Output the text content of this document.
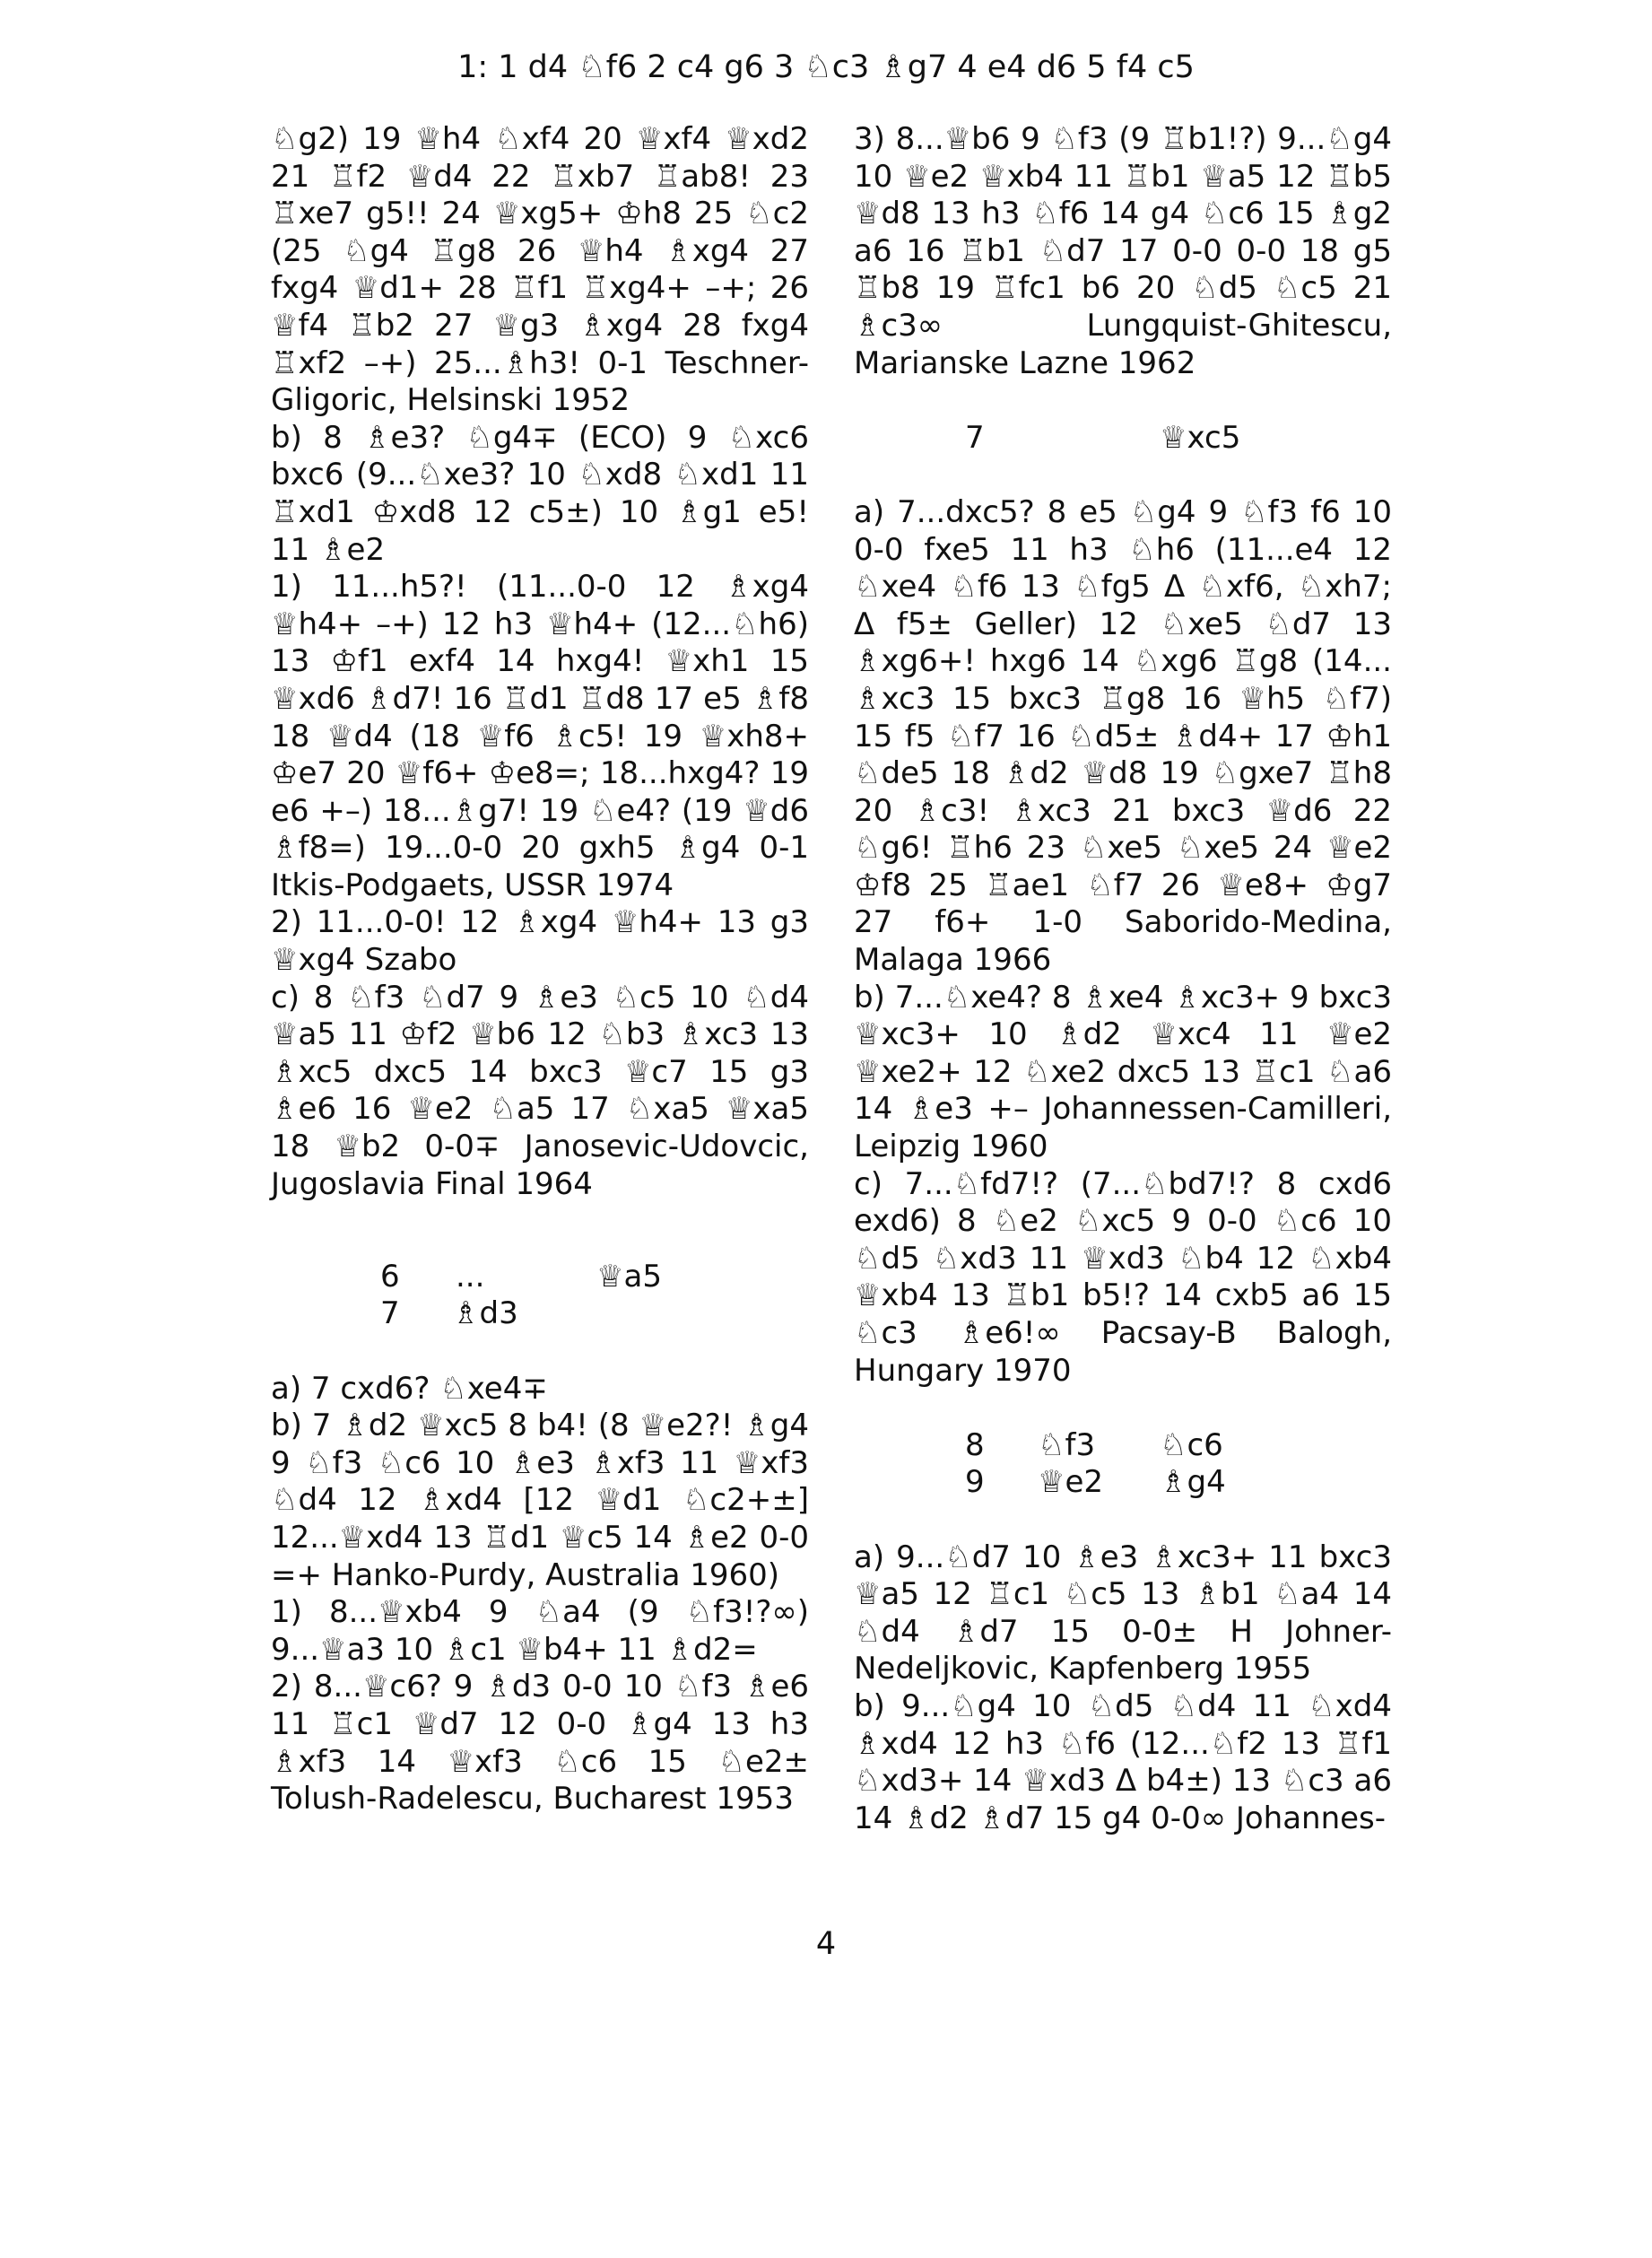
1: 1 d4 ♘f6 2 c4 g6 3 ♘c3 ♗g7 4 e4 d6 5 f4 c5

♘g2) 19 ♕h4 ♘xf4 20 ♕xf4 ♕xd2 21 ♖f2 ♕d4 22 ♖xb7 ♖ab8! 23 ♖xe7 g5!! 24 ♕xg5+ ♔h8 25 ♘c2 (25 ♘g4 ♖g8 26 ♕h4 ♗xg4 27 fxg4 ♕d1+ 28 ♖f1 ♖xg4+ –+; 26 ♕f4 ♖b2 27 ♕g3 ♗xg4 28 fxg4 ♖xf2 –+) 25...♗h3! 0-1 Teschner-Gligoric, Helsinski 1952

b) 8 ♗e3? ♘g4∓ (ECO) 9 ♘xc6 bxc6 (9...♘xe3? 10 ♘xd8 ♘xd1 11 ♖xd1 ♔xd8 12 c5±) 10 ♗g1 e5! 11 ♗e2

1) 11...h5?! (11...0-0 12 ♗xg4 ♕h4+ –+) 12 h3 ♕h4+ (12...♘h6) 13 ♔f1 exf4 14 hxg4! ♕xh1 15 ♕xd6 ♗d7! 16 ♖d1 ♖d8 17 e5 ♗f8 18 ♕d4 (18 ♕f6 ♗c5! 19 ♕xh8+ ♔e7 20 ♕f6+ ♔e8=; 18...hxg4? 19 e6 +–) 18...♗g7! 19 ♘e4? (19 ♕d6 ♗f8=) 19...0-0 20 gxh5 ♗g4 0-1 Itkis-Podgaets, USSR 1974

2) 11...0-0! 12 ♗xg4 ♕h4+ 13 g3 ♕xg4 Szabo

c) 8 ♘f3 ♘d7 9 ♗e3 ♘c5 10 ♘d4 ♕a5 11 ♔f2 ♕b6 12 ♘b3 ♗xc3 13 ♗xc5 dxc5 14 bxc3 ♕c7 15 g3 ♗e6 16 ♕e2 ♘a5 17 ♘xa5 ♕xa5 18 ♕b2 0-0∓ Janosevic-Udovcic, Jugoslavia Final 1964

6 ...	♕a5
7 ♗d3

a) 7 cxd6? ♘xe4∓

b) 7 ♗d2 ♕xc5 8 b4! (8 ♕e2?! ♗g4 9 ♘f3 ♘c6 10 ♗e3 ♗xf3 11 ♕xf3 ♘d4 12 ♗xd4 [12 ♕d1 ♘c2+±] 12...♕xd4 13 ♖d1 ♕c5 14 ♗e2 0-0 =+ Hanko-Purdy, Australia 1960)

1) 8...♕xb4 9 ♘a4 (9 ♘f3!?∞) 9...♕a3 10 ♗c1 ♕b4+ 11 ♗d2=

2) 8...♕c6? 9 ♗d3 0-0 10 ♘f3 ♗e6 11 ♖c1 ♕d7 12 0-0 ♗g4 13 h3 ♗xf3 14 ♕xf3 ♘c6 15 ♘e2± Tolush-Radelescu, Bucharest 1953

3) 8...♕b6 9 ♘f3 (9 ♖b1!?) 9...♘g4 10 ♕e2 ♕xb4 11 ♖b1 ♕a5 12 ♖b5 ♕d8 13 h3 ♘f6 14 g4 ♘c6 15 ♗g2 a6 16 ♖b1 ♘d7 17 0-0 0-0 18 g5 ♖b8 19 ♖fc1 b6 20 ♘d5 ♘c5 21 ♗c3∞ Lungquist-Ghitescu, Marianske Lazne 1962

7	♕xc5

a) 7...dxc5? 8 e5 ♘g4 9 ♘f3 f6 10 0-0 fxe5 11 h3 ♘h6 (11...e4 12 ♘xe4 ♘f6 13 ♘fg5 Δ ♘xf6, ♘xh7; Δ f5± Geller) 12 ♘xe5 ♘d7 13 ♗xg6+! hxg6 14 ♘xg6 ♖g8 (14... ♗xc3 15 bxc3 ♖g8 16 ♕h5 ♘f7) 15 f5 ♘f7 16 ♘d5± ♗d4+ 17 ♔h1 ♘de5 18 ♗d2 ♕d8 19 ♘gxe7 ♖h8 20 ♗c3! ♗xc3 21 bxc3 ♕d6 22 ♘g6! ♖h6 23 ♘xe5 ♘xe5 24 ♕e2 ♔f8 25 ♖ae1 ♘f7 26 ♕e8+ ♔g7 27 f6+ 1-0 Saborido-Medina, Malaga 1966

b) 7...♘xe4? 8 ♗xe4 ♗xc3+ 9 bxc3 ♕xc3+ 10 ♗d2 ♕xc4 11 ♕e2 ♕xe2+ 12 ♘xe2 dxc5 13 ♖c1 ♘a6 14 ♗e3 +– Johannessen-Camilleri, Leipzig 1960

c) 7...♘fd7!? (7...♘bd7!? 8 cxd6 exd6) 8 ♘e2 ♘xc5 9 0-0 ♘c6 10 ♘d5 ♘xd3 11 ♕xd3 ♘b4 12 ♘xb4 ♕xb4 13 ♖b1 b5!? 14 cxb5 a6 15 ♘c3 ♗e6!∞ Pacsay-B Balogh, Hungary 1970

8 ♘f3 ♘c6
9 ♕e2 ♗g4

a) 9...♘d7 10 ♗e3 ♗xc3+ 11 bxc3 ♕a5 12 ♖c1 ♘c5 13 ♗b1 ♘a4 14 ♘d4 ♗d7 15 0-0± H Johner-Nedeljkovic, Kapfenberg 1955

b) 9...♘g4 10 ♘d5 ♘d4 11 ♘xd4 ♗xd4 12 h3 ♘f6 (12...♘f2 13 ♖f1 ♘xd3+ 14 ♕xd3 Δ b4±) 13 ♘c3 a6 14 ♗d2 ♗d7 15 g4 0-0∞ Johannes-

4
